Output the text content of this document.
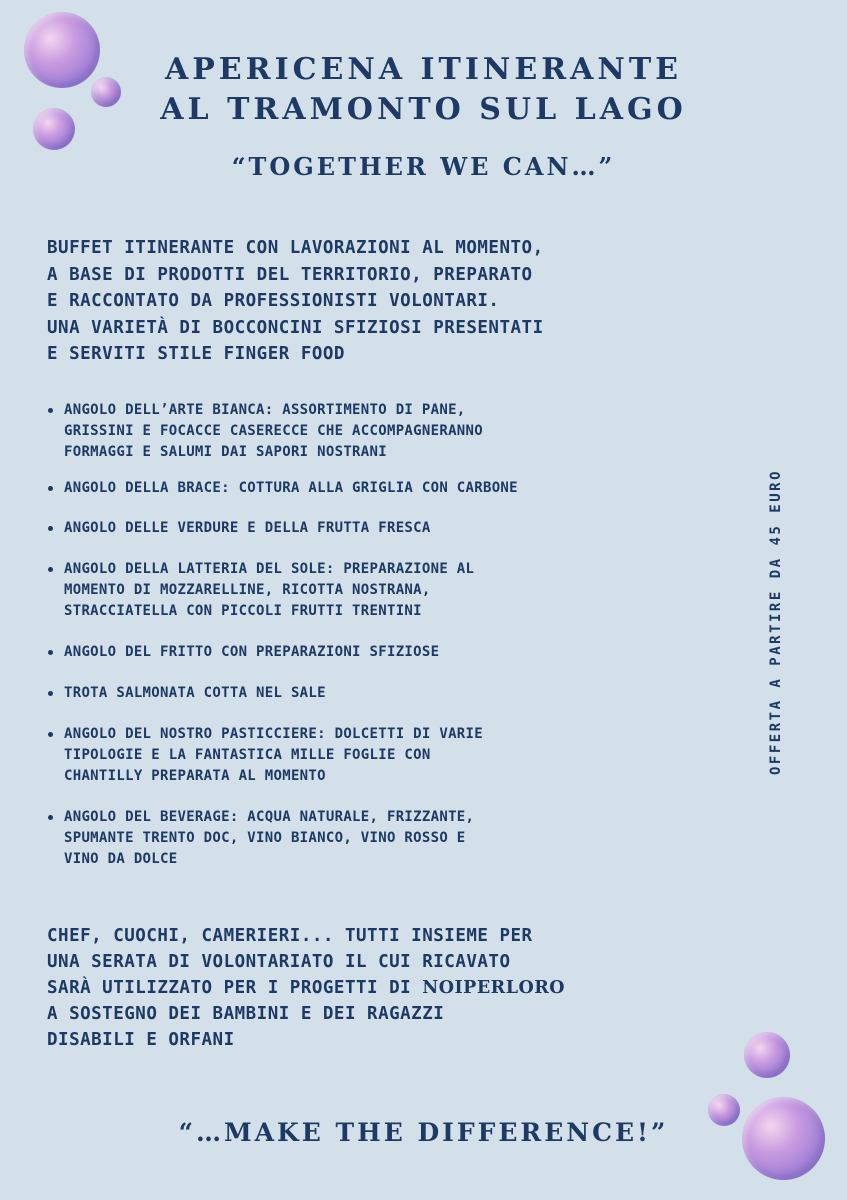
APERICENA ITINERANTE
AL TRAMONTO SUL LAGO
“TOGETHER WE CAN…”
BUFFET ITINERANTE CON LAVORAZIONI AL MOMENTO,
A BASE DI PRODOTTI DEL TERRITORIO, PREPARATO
E RACCONTATO DA PROFESSIONISTI VOLONTARI.
UNA VARIETÀ DI BOCCONCINI SFIZIOSI PRESENTATI
E SERVITI STILE FINGER FOOD
ANGOLO DELL’ARTE BIANCA: ASSORTIMENTO DI PANE,
GRISSINI E FOCACCE CASERECCE CHE ACCOMPAGNERANNO
FORMAGGI E SALUMI DAI SAPORI NOSTRANI
ANGOLO DELLA BRACE: COTTURA ALLA GRIGLIA CON CARBONE
ANGOLO DELLE VERDURE E DELLA FRUTTA FRESCA
ANGOLO DELLA LATTERIA DEL SOLE: PREPARAZIONE AL
MOMENTO DI MOZZARELLINE, RICOTTA NOSTRANA,
STRACCIATELLA CON PICCOLI FRUTTI TRENTINI
ANGOLO DEL FRITTO CON PREPARAZIONI SFIZIOSE
TROTA SALMONATA COTTA NEL SALE
ANGOLO DEL NOSTRO PASTICCIERE: DOLCETTI DI VARIE
TIPOLOGIE E LA FANTASTICA MILLE FOGLIE CON
CHANTILLY PREPARATA AL MOMENTO
ANGOLO DEL BEVERAGE: ACQUA NATURALE, FRIZZANTE,
SPUMANTE TRENTO DOC, VINO BIANCO, VINO ROSSO E
VINO DA DOLCE
OFFERTA A PARTIRE DA 45 EURO
CHEF, CUOCHI, CAMERIERI... TUTTI INSIEME PER
UNA SERATA DI VOLONTARIATO IL CUI RICAVATO
SARÀ UTILIZZATO PER I PROGETTI DI NOIPERLORO
A SOSTEGNO DEI BAMBINI E DEI RAGAZZI
DISABILI E ORFANI
“…MAKE THE DIFFERENCE!”
